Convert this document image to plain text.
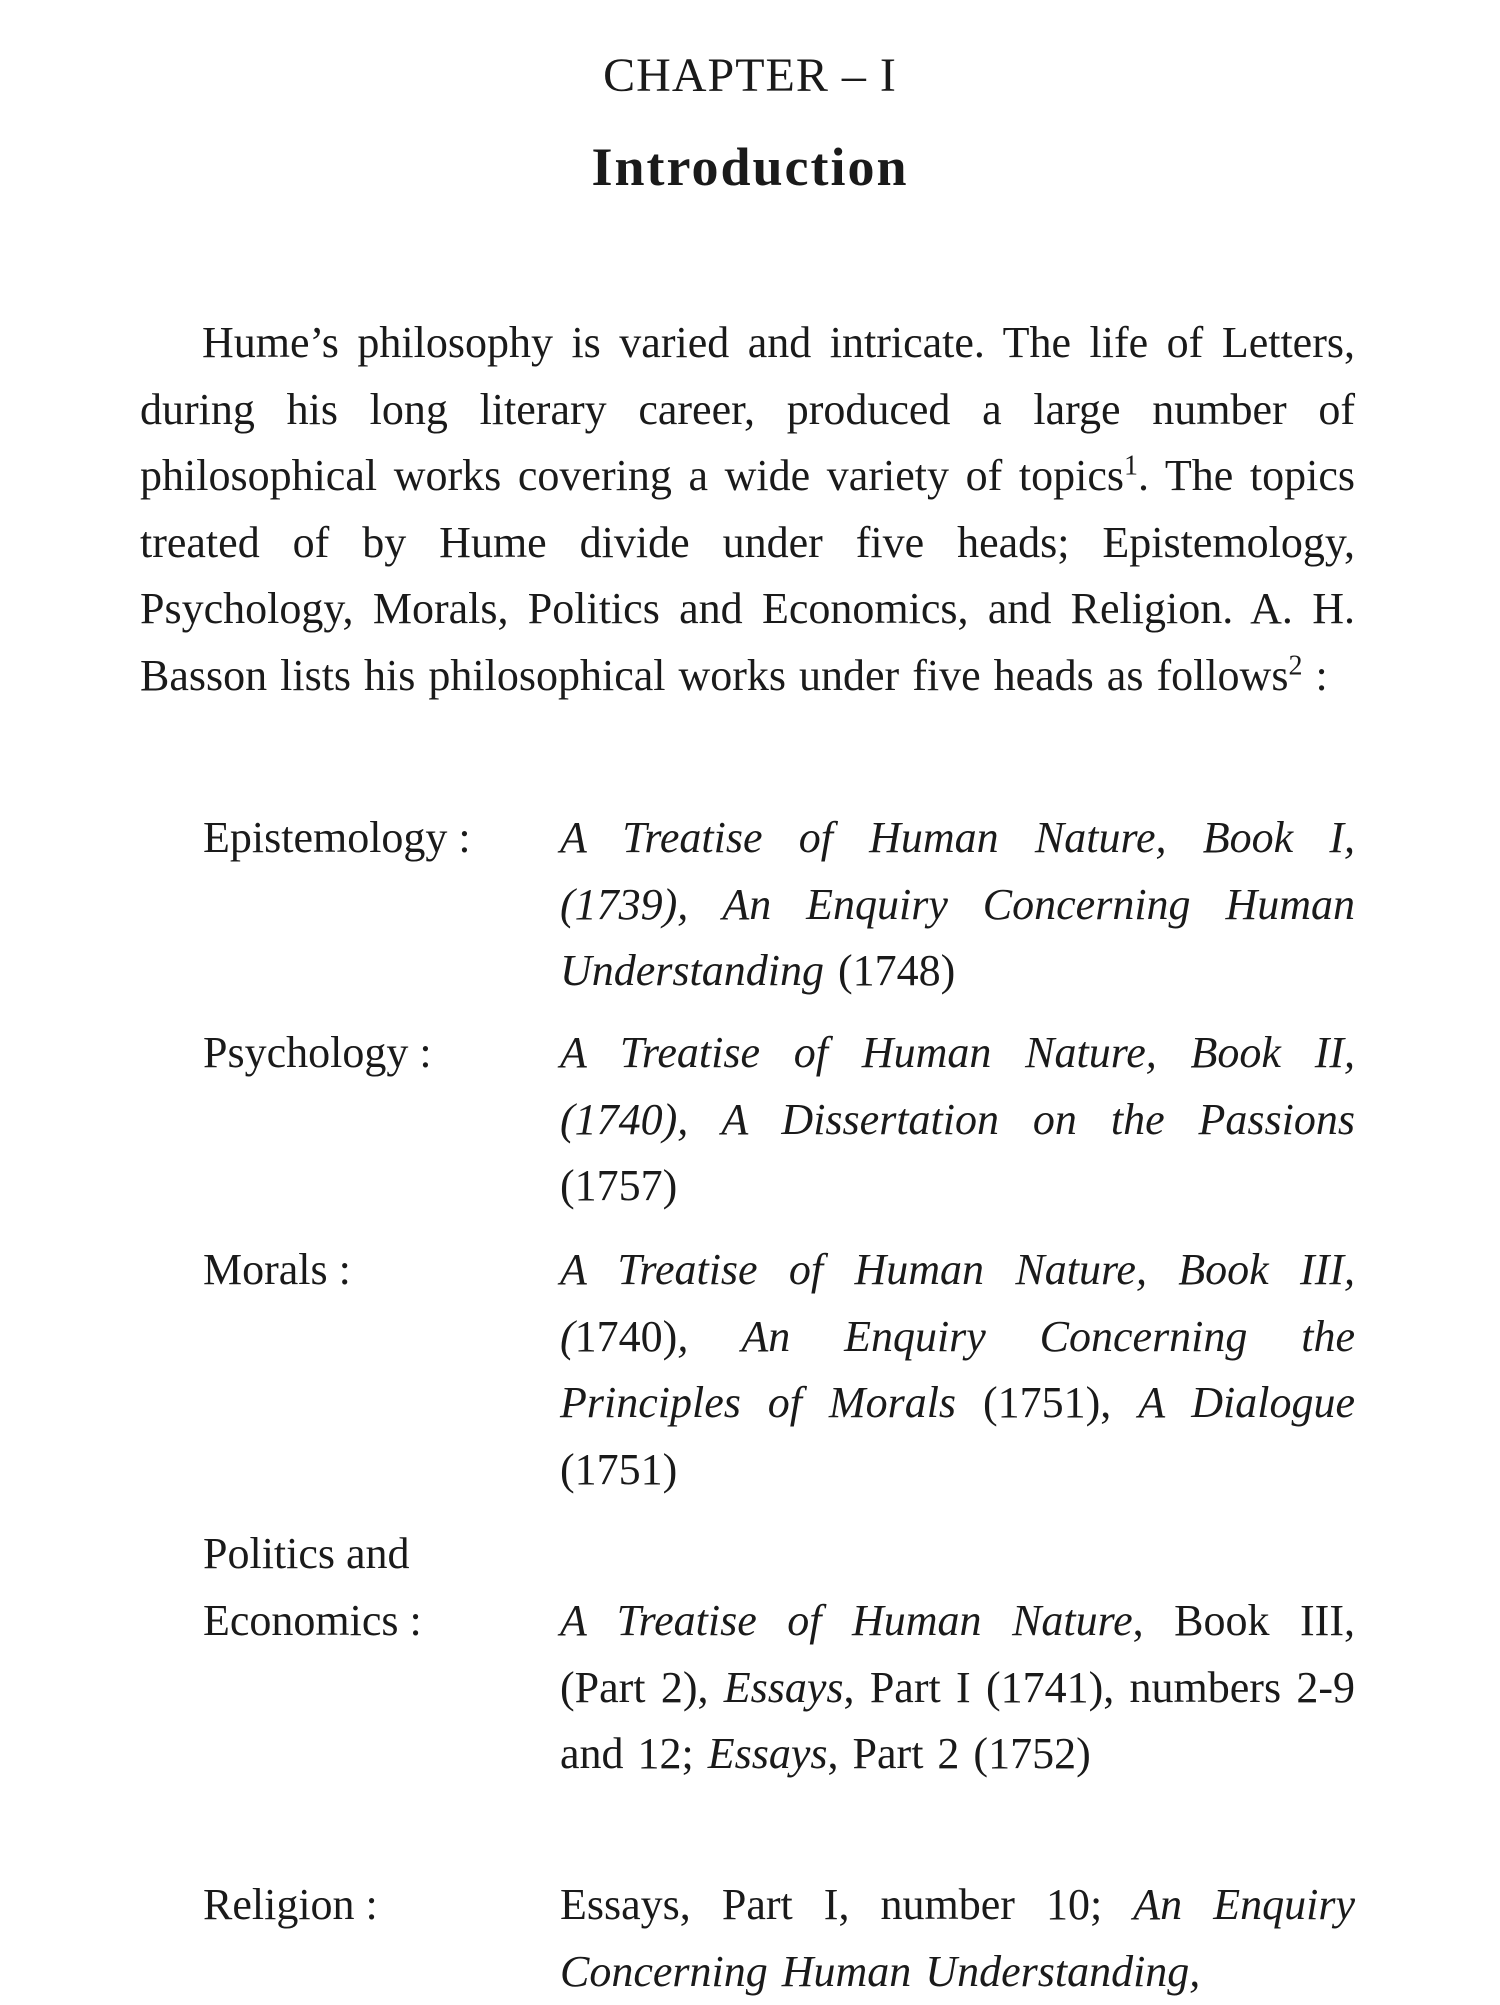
CHAPTER – I
Introduction

Hume’s philosophy is varied and intricate. The life of Letters, during his long literary career, produced a large number of philosophical works covering a wide variety of topics$^1$. The topics treated of by Hume divide under five heads; Epistemology, Psychology, Morals, Politics and Economics, and Religion. A. H. Basson lists his philosophical works under five heads as follows$^2$ :

Epistemology :	A Treatise of Human Nature, Book I, (1739), An Enquiry Concerning Human Understanding (1748)
Psychology :	A Treatise of Human Nature, Book II, (1740), A Dissertation on the Passions (1757)
Morals :	A Treatise of Human Nature, Book III, (1740), An Enquiry Concerning the Principles of Morals (1751), A Dialogue (1751)
Politics and
Economics :	A Treatise of Human Nature, Book III, (Part 2), Essays, Part I (1741), numbers 2-9 and 12; Essays, Part 2 (1752)
Religion :	Essays, Part I, number 10; An Enquiry Concerning Human Understanding,
